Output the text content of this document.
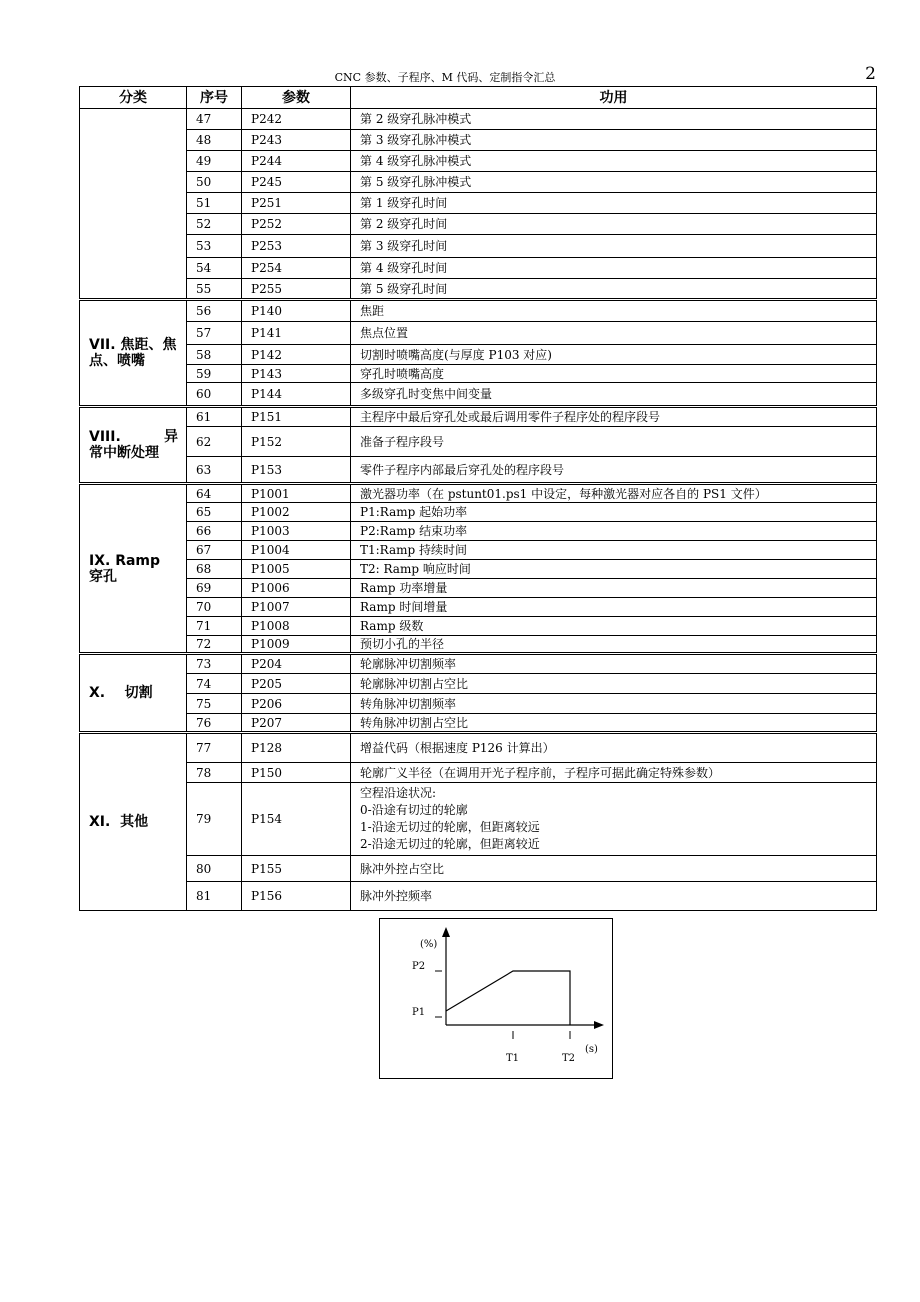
CNC 参数、子程序、M 代码、定制指令汇总	2
分类	序号	参数	功用
	47	P242	第 2 级穿孔脉冲模式
	48	P243	第 3 级穿孔脉冲模式
	49	P244	第 4 级穿孔脉冲模式
	50	P245	第 5 级穿孔脉冲模式
	51	P251	第 1 级穿孔时间
	52	P252	第 2 级穿孔时间
	53	P253	第 3 级穿孔时间
	54	P254	第 4 级穿孔时间
	55	P255	第 5 级穿孔时间

VII. 焦距、焦
点、喷嘴	56	P140	焦距
	57	P141	焦点位置
	58	P142	切割时喷嘴高度(与厚度 P103 对应)
	59	P143	穿孔时喷嘴高度
	60	P144	多级穿孔时变焦中间变量

VIII. 异
常中断处理	61	P151	主程序中最后穿孔处或最后调用零件子程序处的程序段号
	62	P152	准备子程序段号
	63	P153	零件子程序内部最后穿孔处的程序段号

IX. Ramp
穿孔	64	P1001	激光器功率（在 pstunt01.ps1 中设定，每种激光器对应各自的 PS1 文件）
	65	P1002	P1:Ramp 起始功率
	66	P1003	P2:Ramp 结束功率
	67	P1004	T1:Ramp 持续时间
	68	P1005	T2: Ramp 响应时间
	69	P1006	Ramp 功率增量
	70	P1007	Ramp 时间增量
	71	P1008	Ramp 级数
	72	P1009	预切小孔的半径

X.    切割	73	P204	轮廓脉冲切割频率
	74	P205	轮廓脉冲切割占空比
	75	P206	转角脉冲切割频率
	76	P207	转角脉冲切割占空比

XI.  其他	77	P128	增益代码（根据速度 P126 计算出）
	78	P150	轮廓广义半径（在调用开光子程序前，子程序可据此确定特殊参数）
	79	P154	空程沿途状况:
0-沿途有切过的轮廓
1-沿途无切过的轮廓，但距离较远
2-沿途无切过的轮廓，但距离较近

	80	P155	脉冲外控占空比
	81	P156	脉冲外控频率
(%)
P2
P1
T1	T2
(s)
